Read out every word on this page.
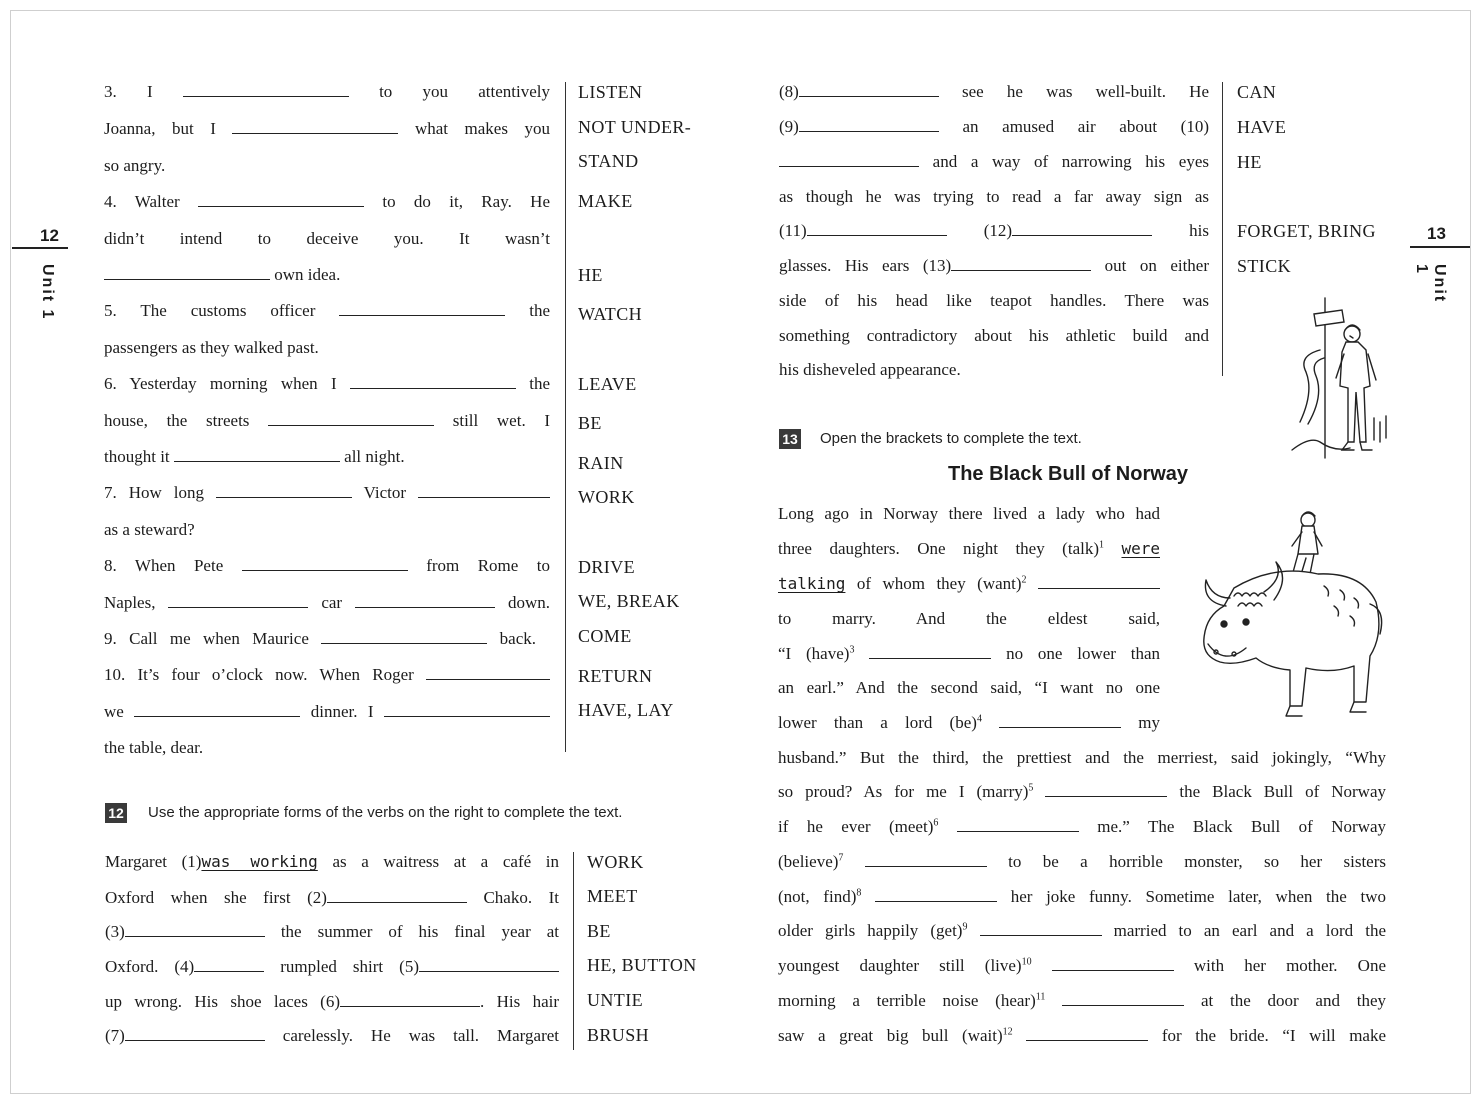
12
Unit 1
13
Unit 1
3. I	to you attentively
Joanna, but I	what makes you
so angry.
4. Walter	to do it, Ray. He
didn’t intend to deceive you. It wasn’t
own idea.
5. The customs officer	the
passengers as they walked past.
6. Yesterday morning when I	the
house, the streets	still wet. I
thought it	all night.
7. How long	Victor
as a steward?
8. When Pete	from Rome to
Naples,	car	down.
9. Call me when Maurice	back.
10. It’s four o’clock now. When Roger
we	dinner. I
the table, dear.
LISTEN
NOT UNDER-
STAND
MAKE
HE
WATCH
LEAVE
BE
RAIN
WORK
DRIVE
WE, BREAK
COME
RETURN
HAVE, LAY
12 Use the appropriate forms of the verbs on the right to complete the text.
Margaret (1)was working as a waitress at a café in
Oxford when she first (2)	Chako. It
(3)	the summer of his final year at
Oxford. (4)	rumpled shirt (5)
up wrong. His shoe laces (6)	. His hair
(7)	carelessly. He was tall. Margaret
WORK
MEET
BE
HE, BUTTON
UNTIE
BRUSH
(8)	see he was well-built. He
(9)	an amused air about (10)
and a way of narrowing his eyes
as though he was trying to read a far away sign as
(11)	(12)	his
glasses. His ears (13)	out on either
side of his head like teapot handles. There was
something contradictory about his athletic build and
his disheveled appearance.
CAN
HAVE
HE
FORGET, BRING
STICK
13 Open the brackets to complete the text.
The Black Bull of Norway
Long ago in Norway there lived a lady who had
three daughters. One night they (talk)$^1$ were
talking of whom they (want)$^2$
to marry. And the eldest said,
“I (have)$^3$	no one lower than
an earl.” And the second said, “I want no one
lower than a lord (be)$^4$	my
husband.” But the third, the prettiest and the merriest, said jokingly, “Why
so proud? As for me I (marry)$^5$	the Black Bull of Norway
if he ever (meet)$^6$	me.” The Black Bull of Norway
(believe)$^7$	to be a horrible monster, so her sisters
(not, find)$^8$	her joke funny. Sometime later, when the two
older girls happily (get)$^9$	married to an earl and a lord the
youngest daughter still (live)$^{10}$	with her mother. One
morning a terrible noise (hear)$^{11}$	at the door and they
saw a great big bull (wait)$^{12}$	for the bride. “I will make
